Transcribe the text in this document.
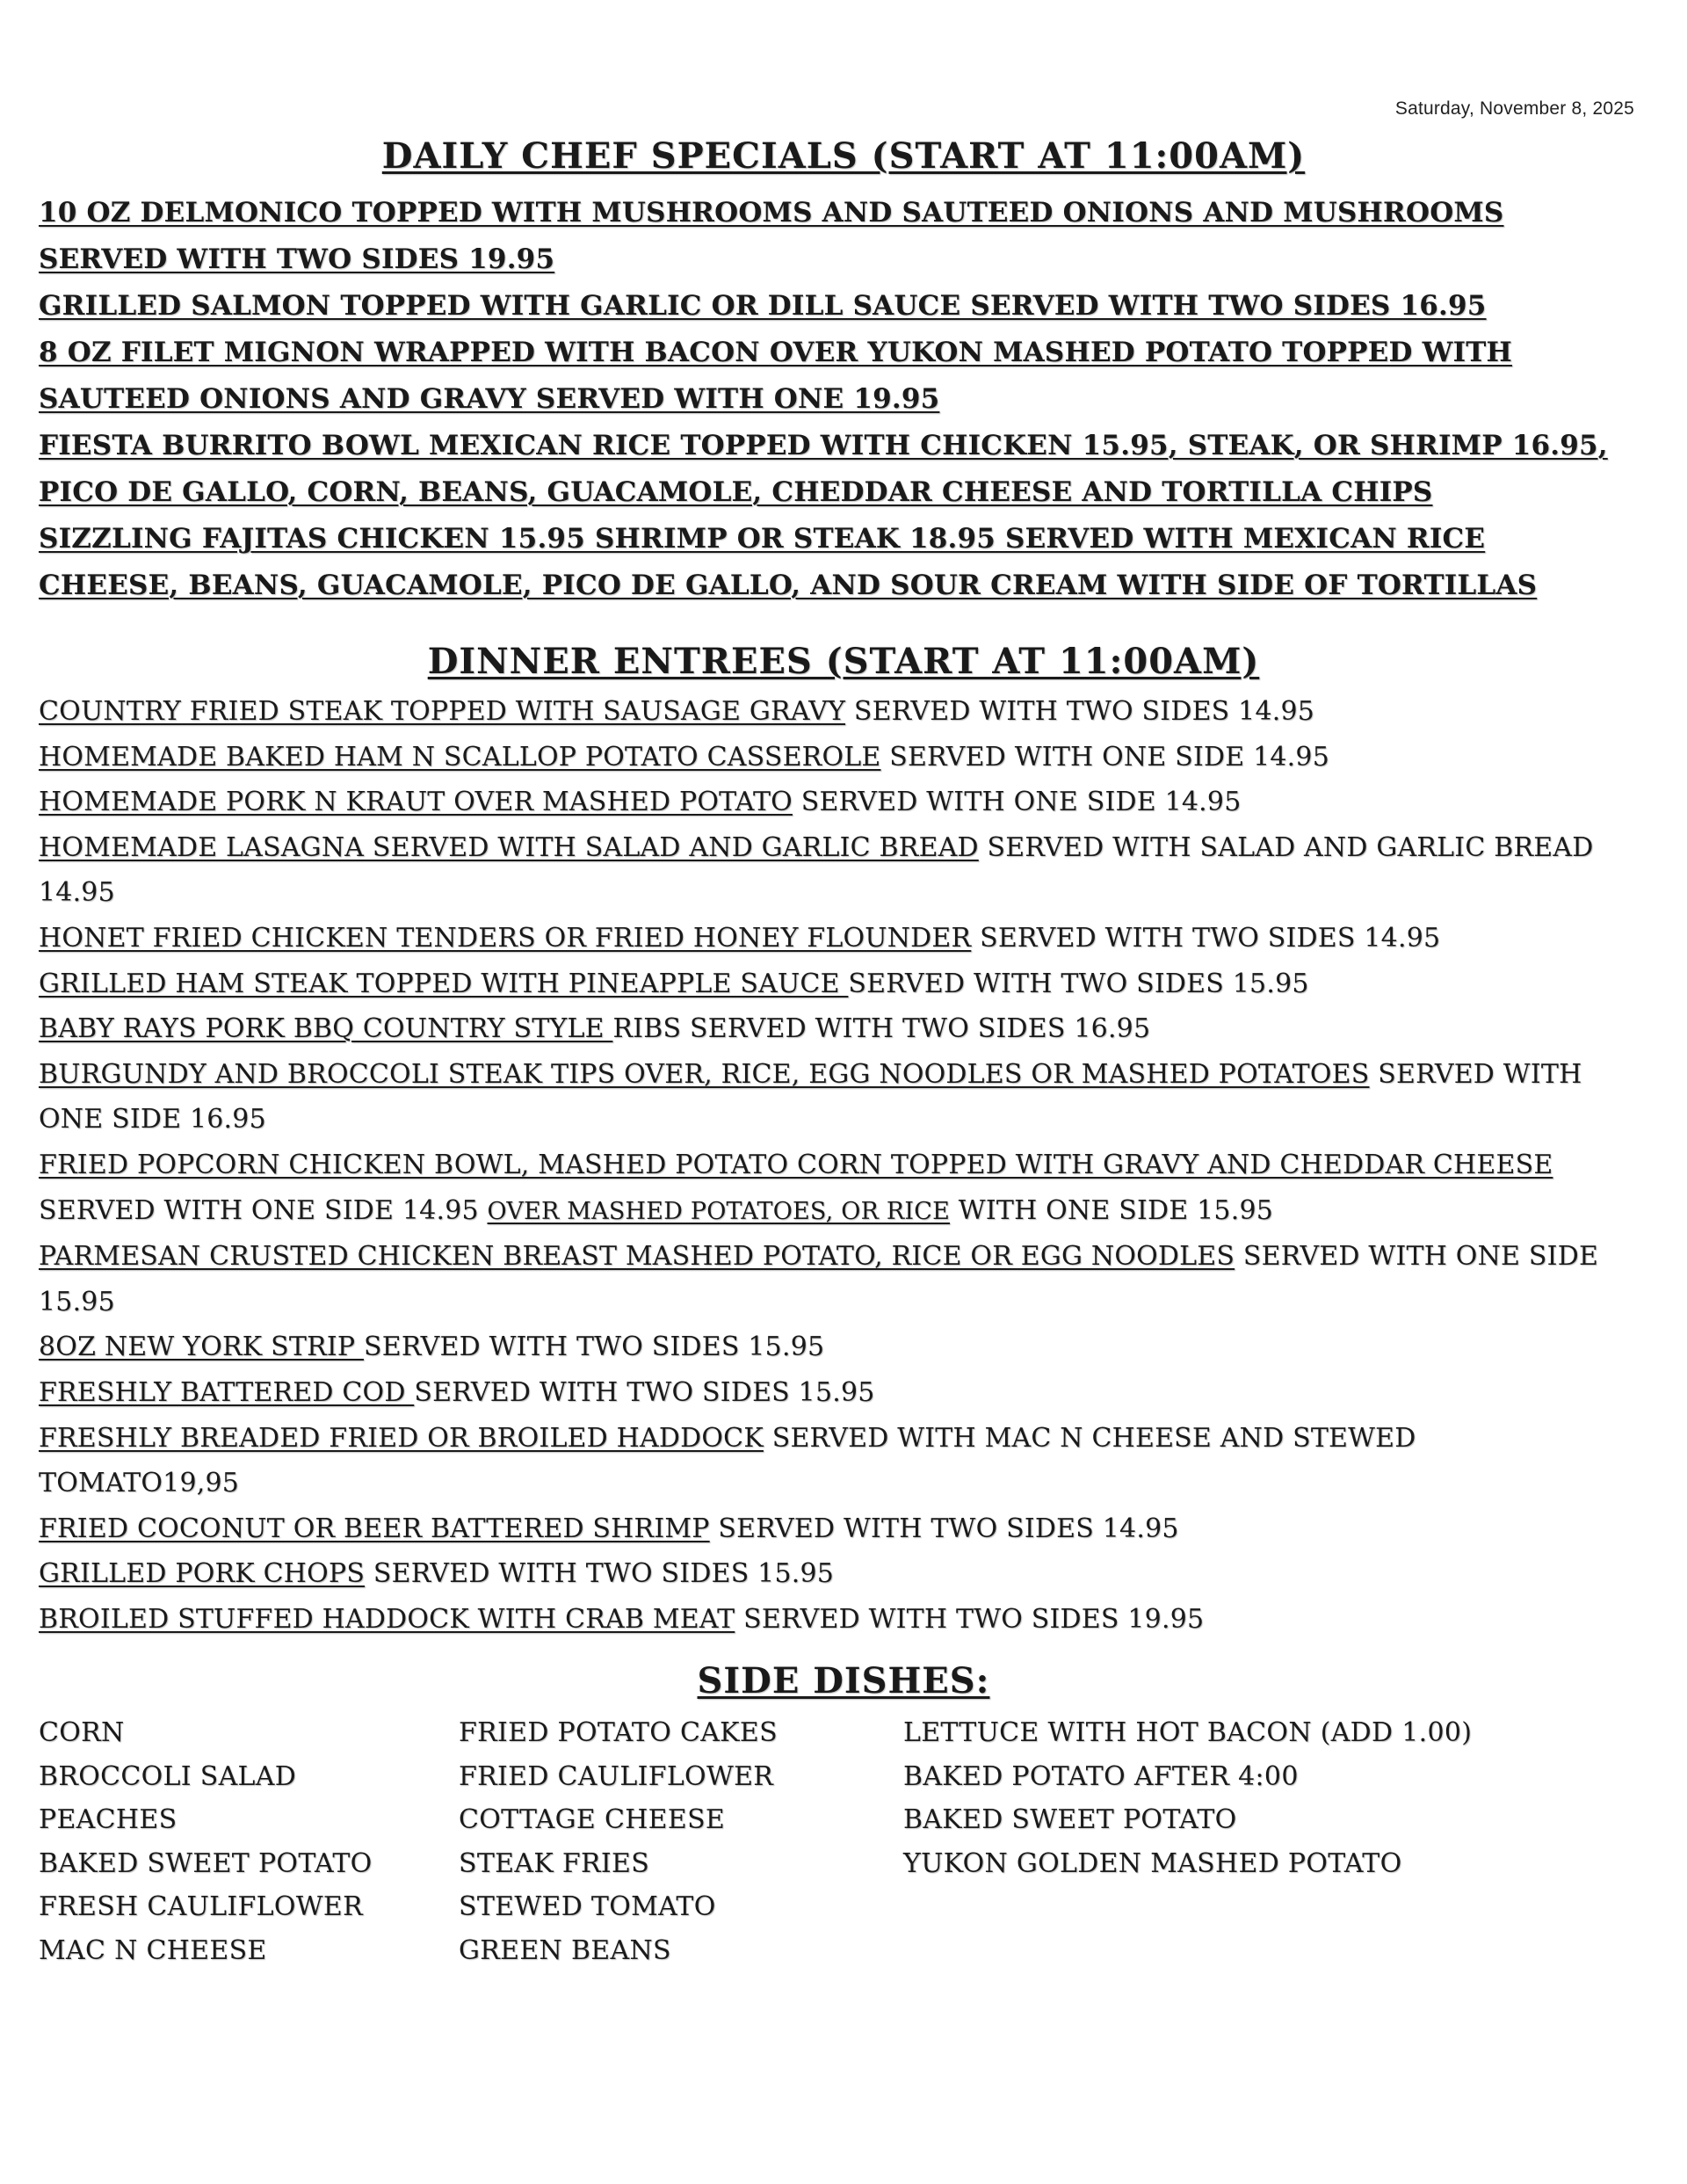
Saturday, November 8, 2025
DAILY CHEF SPECIALS (START AT 11:00AM)
10 OZ DELMONICO TOPPED WITH MUSHROOMS AND SAUTEED ONIONS AND MUSHROOMS SERVED WITH TWO SIDES 19.95
GRILLED SALMON TOPPED WITH GARLIC OR DILL SAUCE SERVED WITH TWO SIDES 16.95
8 OZ FILET MIGNON WRAPPED WITH BACON OVER YUKON MASHED POTATO TOPPED WITH SAUTEED ONIONS AND GRAVY SERVED WITH ONE 19.95
FIESTA BURRITO BOWL MEXICAN RICE TOPPED WITH CHICKEN 15.95, STEAK, OR SHRIMP 16.95, PICO DE GALLO, CORN, BEANS, GUACAMOLE, CHEDDAR CHEESE AND TORTILLA CHIPS
SIZZLING FAJITAS CHICKEN 15.95 SHRIMP OR STEAK 18.95 SERVED WITH MEXICAN RICE CHEESE, BEANS, GUACAMOLE, PICO DE GALLO, AND SOUR CREAM WITH SIDE OF TORTILLAS
DINNER ENTREES (START AT 11:00AM)
COUNTRY FRIED STEAK TOPPED WITH SAUSAGE GRAVY SERVED WITH TWO SIDES 14.95
HOMEMADE BAKED HAM N SCALLOP POTATO CASSEROLE SERVED WITH ONE SIDE 14.95
HOMEMADE PORK N KRAUT OVER MASHED POTATO SERVED WITH ONE SIDE 14.95
HOMEMADE LASAGNA SERVED WITH SALAD AND GARLIC BREAD SERVED WITH SALAD AND GARLIC BREAD 14.95
HONET FRIED CHICKEN TENDERS OR FRIED HONEY FLOUNDER SERVED WITH TWO SIDES 14.95
GRILLED HAM STEAK TOPPED WITH PINEAPPLE SAUCE SERVED WITH TWO SIDES 15.95
BABY RAYS PORK BBQ COUNTRY STYLE RIBS SERVED WITH TWO SIDES 16.95
BURGUNDY AND BROCCOLI STEAK TIPS OVER, RICE, EGG NOODLES OR MASHED POTATOES SERVED WITH ONE SIDE 16.95
FRIED POPCORN CHICKEN BOWL, MASHED POTATO CORN TOPPED WITH GRAVY AND CHEDDAR CHEESE SERVED WITH ONE SIDE 14.95 OVER MASHED POTATOES, OR RICE WITH ONE SIDE 15.95
PARMESAN CRUSTED CHICKEN BREAST MASHED POTATO, RICE OR EGG NOODLES SERVED WITH ONE SIDE 15.95
8OZ NEW YORK STRIP SERVED WITH TWO SIDES 15.95
FRESHLY BATTERED COD SERVED WITH TWO SIDES 15.95
FRESHLY BREADED FRIED OR BROILED HADDOCK SERVED WITH MAC N CHEESE AND STEWED TOMATO19,95
FRIED COCONUT OR BEER BATTERED SHRIMP SERVED WITH TWO SIDES 14.95
GRILLED PORK CHOPS SERVED WITH TWO SIDES 15.95
BROILED STUFFED HADDOCK WITH CRAB MEAT SERVED WITH TWO SIDES 19.95
SIDE DISHES:
CORN
BROCCOLI SALAD
PEACHES
BAKED SWEET POTATO
FRESH CAULIFLOWER
MAC N CHEESE
FRIED POTATO CAKES
FRIED CAULIFLOWER
COTTAGE CHEESE
STEAK FRIES
STEWED TOMATO
GREEN BEANS
LETTUCE WITH HOT BACON (ADD 1.00)
BAKED POTATO AFTER 4:00
BAKED SWEET POTATO
YUKON GOLDEN MASHED POTATO
